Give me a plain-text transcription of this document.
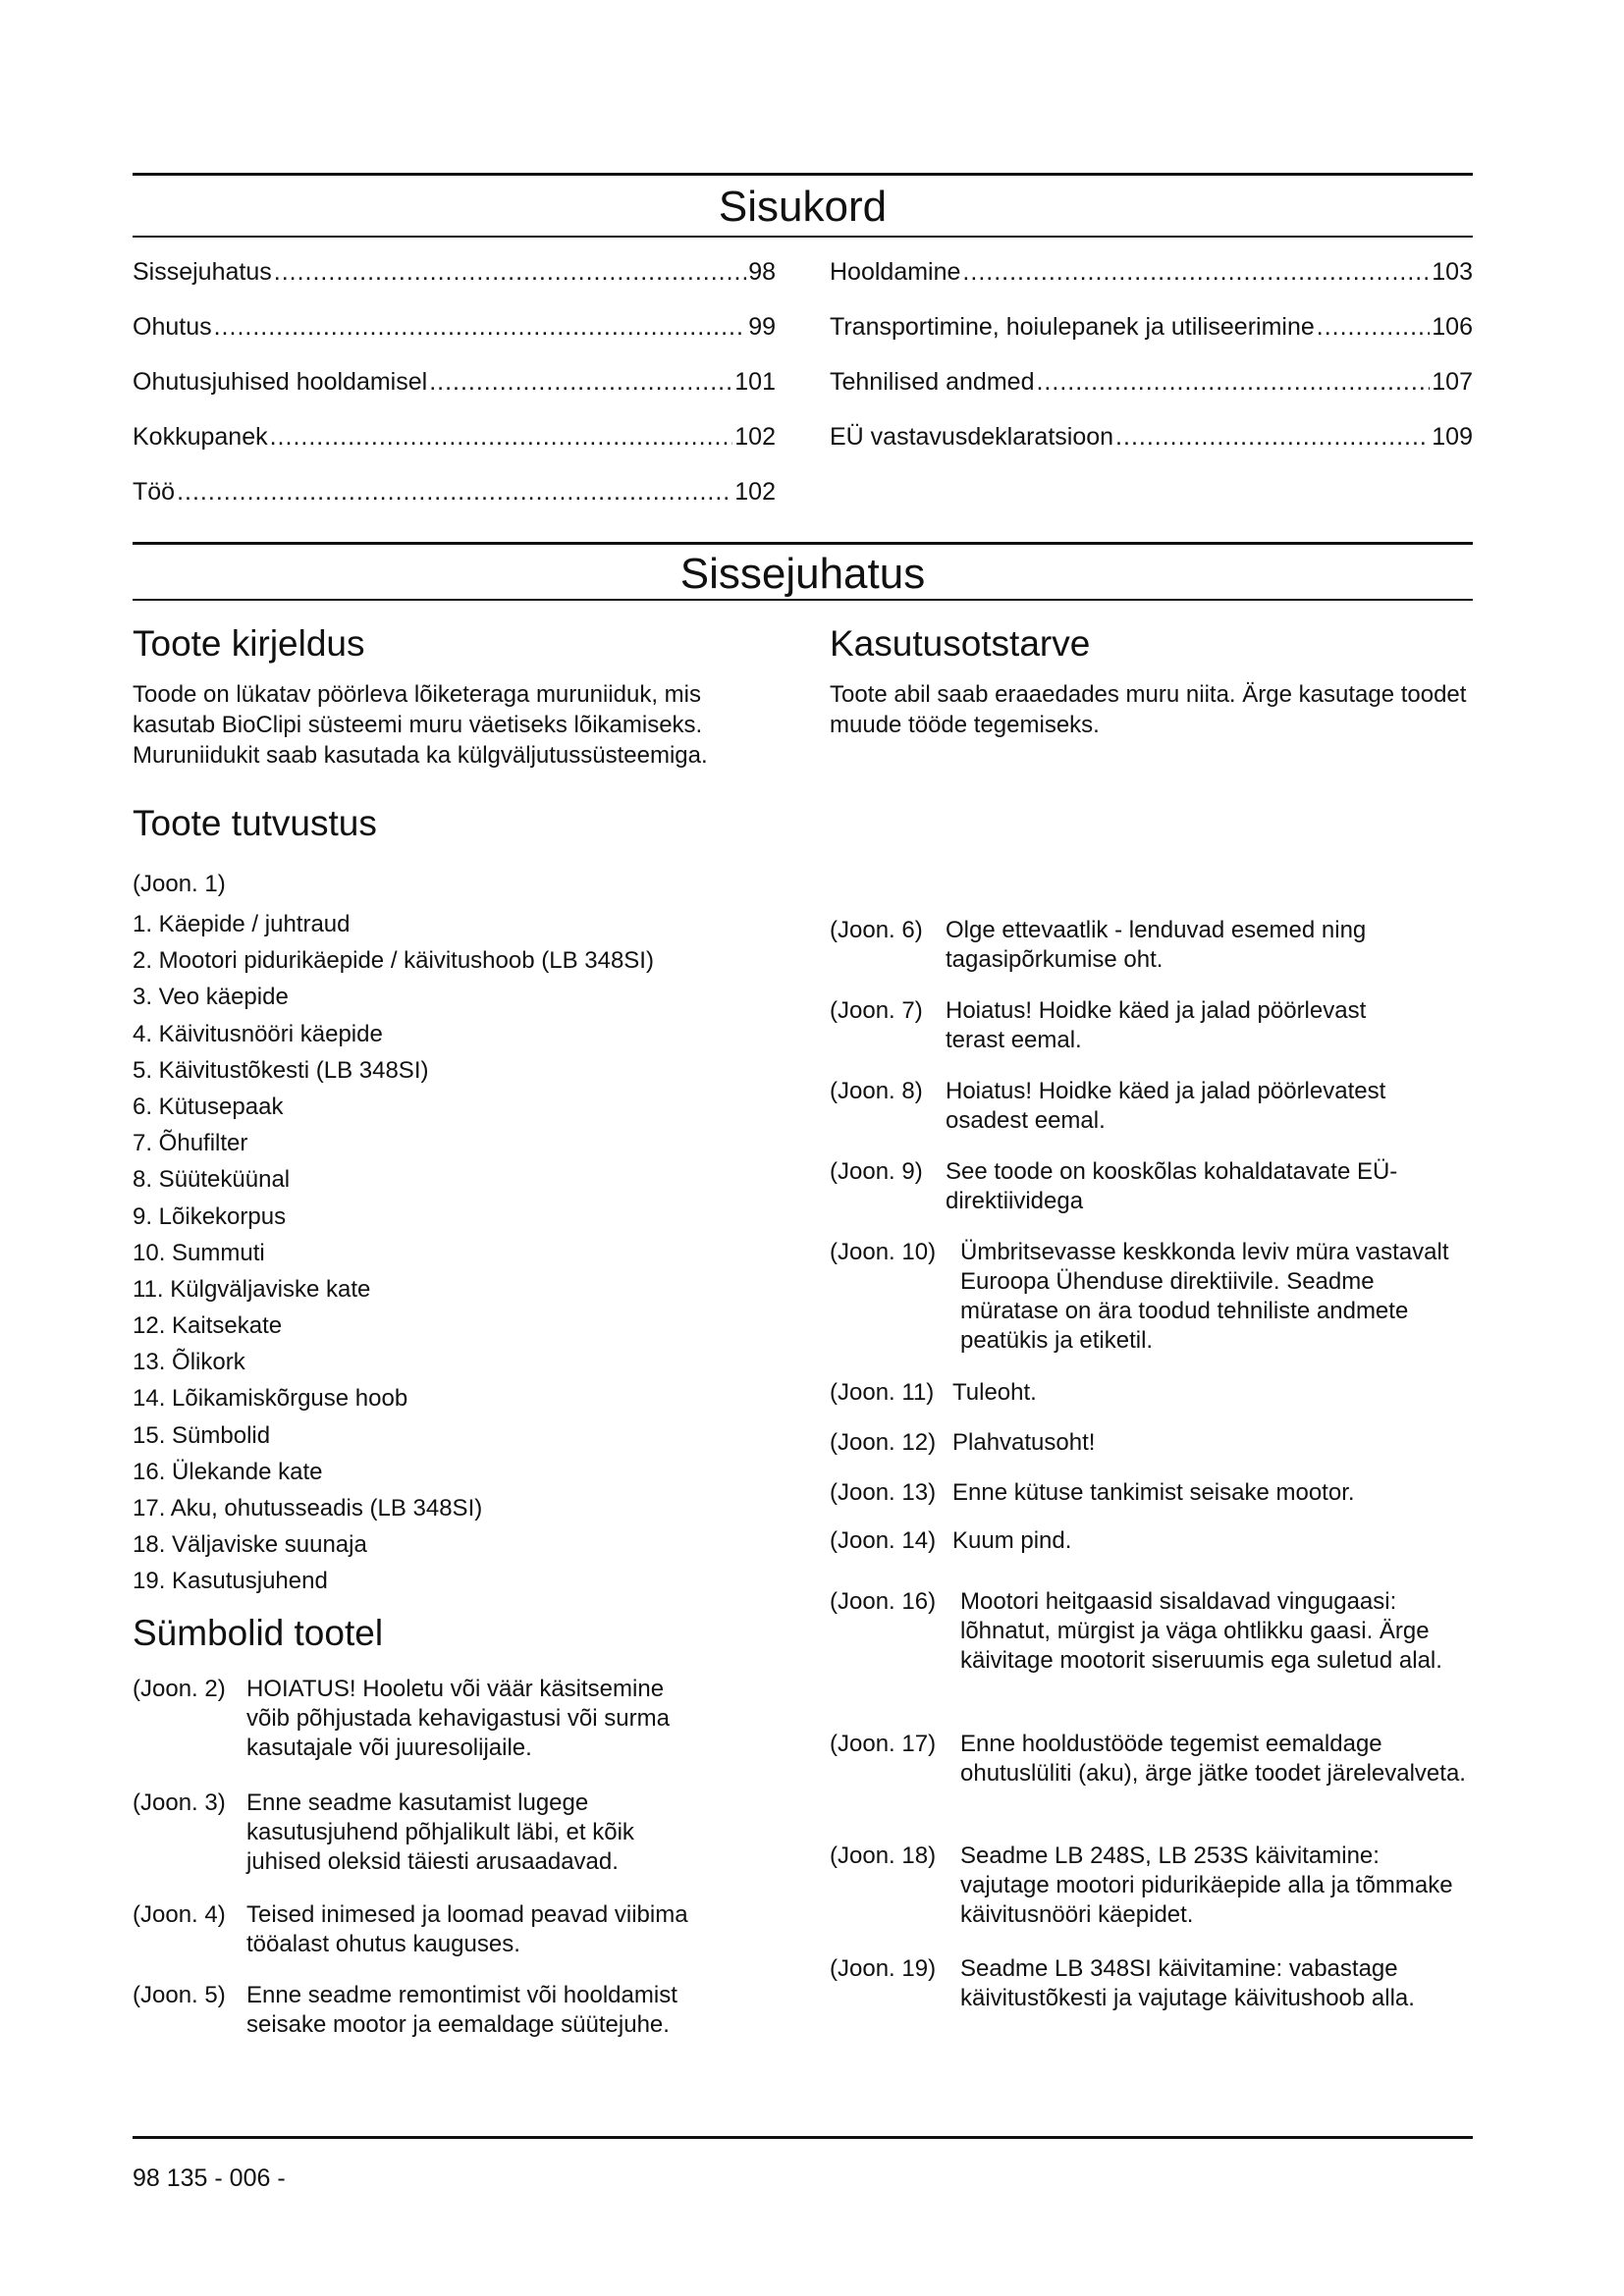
Sisukord
Sissejuhatus .....	98
Ohutus .....	99
Ohutusjuhised hooldamisel .....	101
Kokkupanek .....	102
Töö .....	102
Hooldamine .....	103
Transportimine, hoiulepanek ja utiliseerimine .....	106
Tehnilised andmed .....	107
EÜ vastavusdeklaratsioon .....	109
Sissejuhatus
Toote kirjeldus

Toode on lükatav pöörleva lõiketeraga muruniiduk, mis kasutab BioClipi süsteemi muru väetiseks lõikamiseks. Muruniidukit saab kasutada ka külgväljutussüsteemiga.

Toote tutvustus
(Joon. 1)
1. Käepide / juhtraud
2. Mootori pidurikäepide / käivitushoob (LB 348SI)
3. Veo käepide
4. Käivitusnööri käepide
5. Käivitustõkesti (LB 348SI)
6. Kütusepaak
7. Õhufilter
8. Süüteküünal
9. Lõikekorpus
10. Summuti
11. Külgväljaviske kate
12. Kaitsekate
13. Õlikork
14. Lõikamiskõrguse hoob
15. Sümbolid
16. Ülekande kate
17. Aku, ohutusseadis (LB 348SI)
18. Väljaviske suunaja
19. Kasutusjuhend
Sümbolid tootel
(Joon. 2) HOIATUS! Hooletu või väär käsitsemine võib põhjustada kehavigastusi või surma kasutajale või juuresolijaile.
(Joon. 3) Enne seadme kasutamist lugege kasutusjuhend põhjalikult läbi, et kõik juhised oleksid täiesti arusaadavad.
(Joon. 4) Teised inimesed ja loomad peavad viibima tööalast ohutus kauguses.
(Joon. 5) Enne seadme remontimist või hooldamist seisake mootor ja eemaldage süütejuhe.
Kasutusotstarve

Toote abil saab eraaedades muru niita. Ärge kasutage toodet muude tööde tegemiseks.

(Joon. 6) Olge ettevaatlik - lenduvad esemed ning tagasipõrkumise oht.
(Joon. 7) Hoiatus! Hoidke käed ja jalad pöörlevast terast eemal.
(Joon. 8) Hoiatus! Hoidke käed ja jalad pöörlevatest osadest eemal.
(Joon. 9) See toode on kooskõlas kohaldatavate EÜ-direktiividega
(Joon. 10)	Ümbritsevasse keskkonda leviv müra vastavalt Euroopa Ühenduse direktiivile. Seadme müratase on ära toodud tehniliste andmete peatükis ja etiketil.
(Joon. 11) Tuleoht.
(Joon. 12) Plahvatusoht!
(Joon. 13) Enne kütuse tankimist seisake mootor.
(Joon. 14) Kuum pind.
(Joon. 16)	Mootori heitgaasid sisaldavad vingugaasi: lõhnatut, mürgist ja väga ohtlikku gaasi. Ärge käivitage mootorit siseruumis ega suletud alal.
(Joon. 17)	Enne hooldustööde tegemist eemaldage ohutuslüliti (aku), ärge jätke toodet järelevalveta.
(Joon. 18)	Seadme LB 248S, LB 253S käivitamine: vajutage mootori pidurikäepide alla ja tõmmake käivitusnööri käepidet.
(Joon. 19)	Seadme LB 348SI käivitamine: vabastage käivitustõkesti ja vajutage käivitushoob alla.
98 135 - 006 -
